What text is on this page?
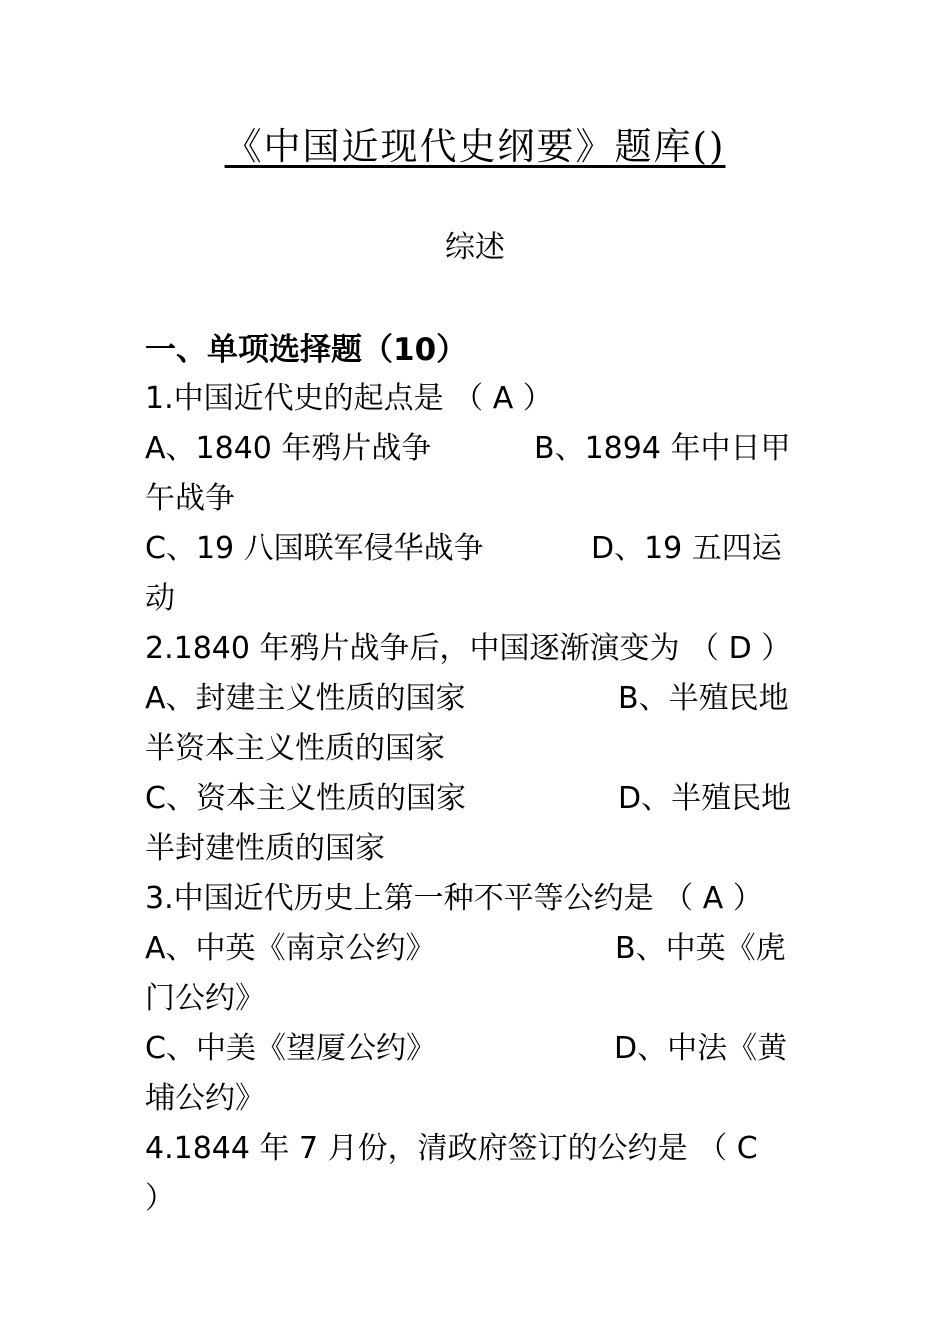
《中国近现代史纲要》题库()
综述
一、单项选择题（10）
1.中国近代史的起点是 （ A ）
A、1840 年鸦片战争	B、1894 年中日甲
午战争
C、19 八国联军侵华战争	D、19 五四运
动
2.1840 年鸦片战争后，中国逐渐演变为 （ D ）
A、封建主义性质的国家	B、半殖民地
半资本主义性质的国家
C、资本主义性质的国家	D、半殖民地
半封建性质的国家
3.中国近代历史上第一种不平等公约是 （ A ）
A、中英《南京公约》	B、中英《虎
门公约》
C、中美《望厦公约》	D、中法《黄
埔公约》
4.1844 年 7 月份，清政府签订的公约是 （ C
）
